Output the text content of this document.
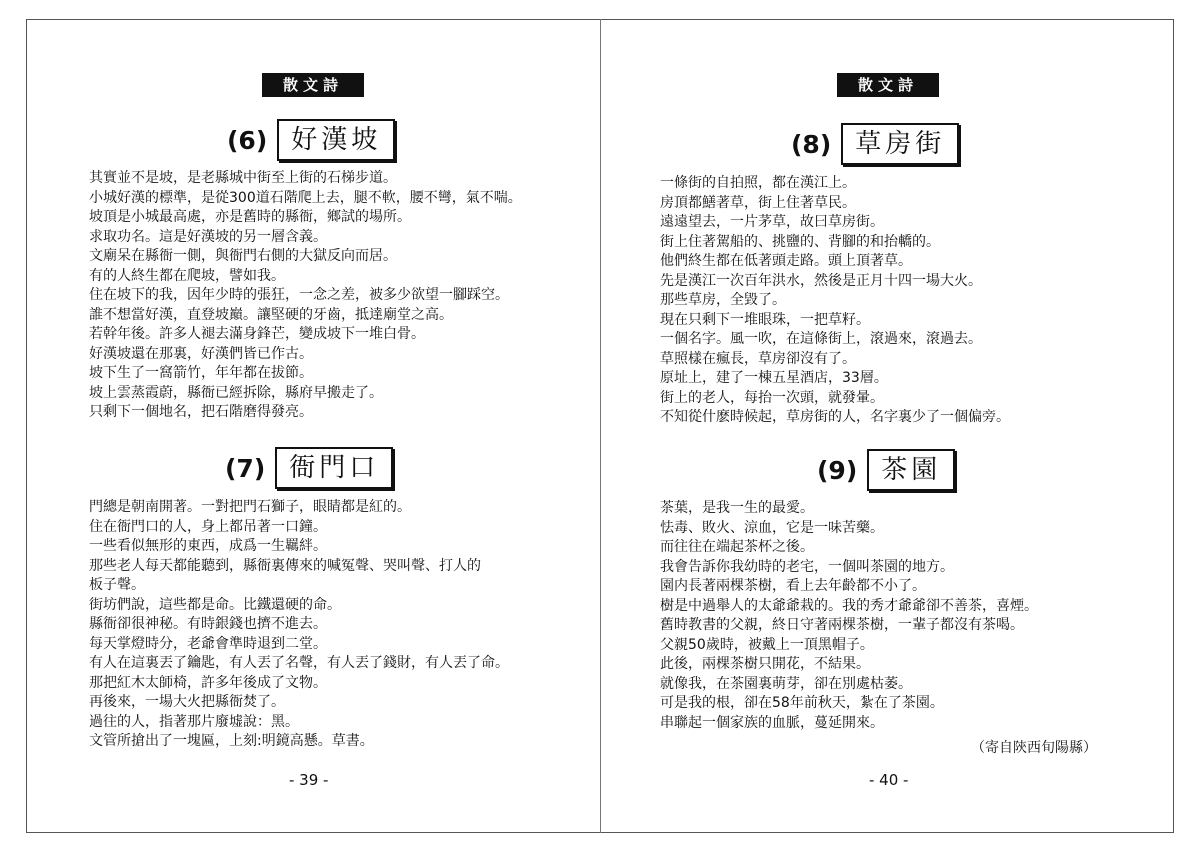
散文詩
(6) 好漢坡
其實並不是坡，是老縣城中街至上街的石梯步道。
小城好漢的標準，是從300道石階爬上去，腿不軟，腰不彎，氣不喘。
坡頂是小城最高處，亦是舊時的縣衙，鄉試的場所。
求取功名。這是好漢坡的另一層含義。
文廟呆在縣衙一側，與衙門右側的大獄反向而居。
有的人終生都在爬坡，譬如我。
住在坡下的我，因年少時的張狂，一念之差，被多少欲望一腳踩空。
誰不想當好漢，直登坡巔。讓堅硬的牙齒，抵達廟堂之高。
若幹年後。許多人褪去滿身鋒芒，變成坡下一堆白骨。
好漢坡還在那裏，好漢們皆已作古。
坡下生了一窩箭竹，年年都在拔節。
坡上雲蒸霞蔚，縣衙已經拆除，縣府早搬走了。
只剩下一個地名，把石階磨得發亮。
(7) 衙門口
門總是朝南開著。一對把門石獅子，眼睛都是紅的。
住在衙門口的人，身上都吊著一口鐘。
一些看似無形的東西，成爲一生羈絆。
那些老人每天都能聽到，縣衙裏傳來的喊冤聲、哭叫聲、打人的
板子聲。
街坊們說，這些都是命。比鐵還硬的命。
縣衙卻很神秘。有時銀錢也擠不進去。
每天掌燈時分，老爺會準時退到二堂。
有人在這裏丟了鑰匙，有人丟了名聲，有人丟了錢財，有人丟了命。
那把紅木太師椅，許多年後成了文物。
再後來，一場大火把縣衙焚了。
過往的人，指著那片廢墟說：黑。
文管所搶出了一塊匾，上刻:明鏡高懸。草書。
- 39 -
散文詩
(8) 草房街
一條街的自拍照，都在漢江上。
房頂都鱔著草，街上住著草民。
遠遠望去，一片茅草，故曰草房街。
街上住著駕船的、挑鹽的、背腳的和抬轎的。
他們終生都在低著頭走路。頭上頂著草。
先是漢江一次百年洪水，然後是正月十四一場大火。
那些草房，全毀了。
現在只剩下一堆眼珠，一把草籽。
一個名字。風一吹，在這條街上，滾過來，滾過去。
草照樣在瘋長，草房卻沒有了。
原址上，建了一棟五星酒店，33層。
街上的老人，每抬一次頭，就發暈。
不知從什麽時候起，草房街的人，名字裏少了一個偏旁。
(9) 茶園
茶葉，是我一生的最愛。
怯毒、敗火、涼血，它是一味苦藥。
而往往在端起茶杯之後。
我會告訴你我幼時的老宅，一個叫茶園的地方。
園内長著兩棵茶樹，看上去年齡都不小了。
樹是中過舉人的太爺爺栽的。我的秀才爺爺卻不善茶，喜煙。
舊時教書的父親，終日守著兩棵茶樹，一輩子都沒有茶喝。
父親50歲時，被戴上一頂黑帽子。
此後，兩棵茶樹只開花，不結果。
就像我，在茶園裏萌芽，卻在別處枯萎。
可是我的根，卻在58年前秋天，紮在了茶園。
串聯起一個家族的血脈，蔓延開來。
（寄自陝西旬陽縣）
- 40 -
